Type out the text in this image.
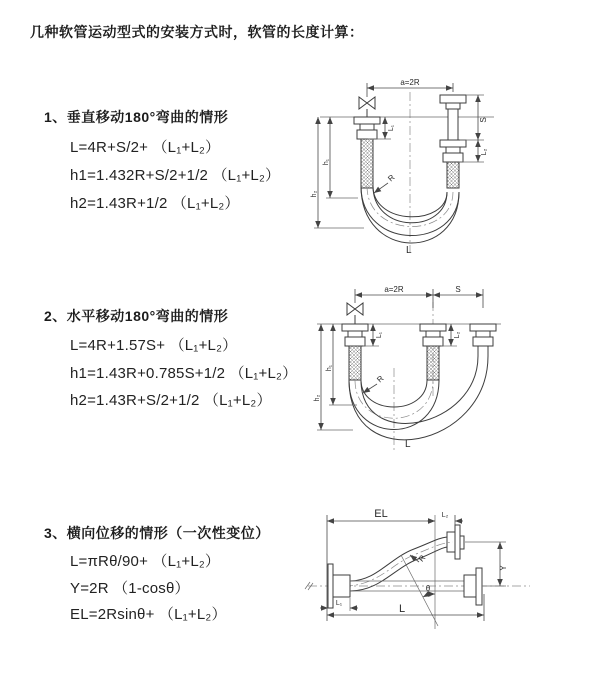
几种软管运动型式的安装方式时，软管的长度计算：
1、垂直移动180°弯曲的情形
L=4R+S/2+ （L₁+L₂）
h1=1.432R+S/2+1/2 （L₁+L₂）
h2=1.43R+1/2 （L₁+L₂）
a=2R
L₁
h₁
h₂
S
L₂
R
L
2、水平移动180°弯曲的情形
L=4R+1.57S+ （L₁+L₂）
h1=1.43R+0.785S+1/2 （L₁+L₂）
h2=1.43R+S/2+1/2 （L₁+L₂）
a=2R	S
L₁	L₂
h₁
h₂
R
L
3、横向位移的情形（一次性变位）
L=πRθ/90+ （L₁+L₂）
Y=2R （1-cosθ）
EL=2Rsinθ+ （L₁+L₂）
EL	L₂
Y
θ
R
L₁	L
